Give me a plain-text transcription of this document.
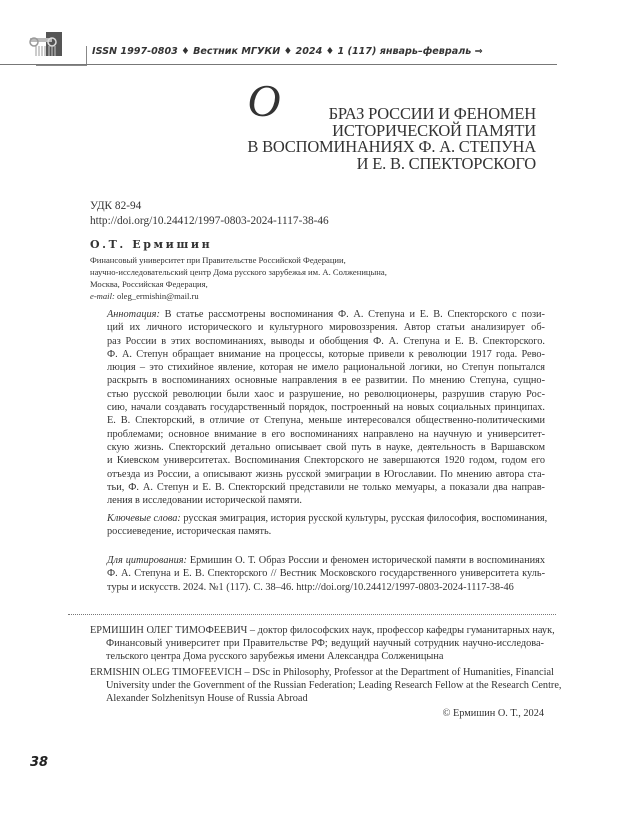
ISSN 1997-0803 ♦ Вестник МГУКИ ♦ 2024 ♦ 1 (117) январь–февраль ⇒
О	БРАЗ РОССИИ И ФЕНОМЕН
ИСТОРИЧЕСКОЙ ПАМЯТИ
В ВОСПОМИНАНИЯХ Ф. А. СТЕПУНА
И Е. В. СПЕКТОРСКОГО
УДК 82-94
http://doi.org/10.24412/1997-0803-2024-1117-38-46
О.Т. Ермишин
Финансовый университет при Правительстве Российской Федерации,
научно-исследовательский центр Дома русского зарубежья им. А. Солженицына,
Москва, Российская Федерация,
e-mail: oleg_ermishin@mail.ru
Аннотация: В статье рассмотрены воспоминания Ф. А. Степуна и Е. В. Спекторского с пози-
ций их личного исторического и культурного мировоззрения. Автор статьи анализирует об-
раз России в этих воспоминаниях, выводы и обобщения Ф. А. Степуна и Е. В. Спекторского.
Ф. А. Степун обращает внимание на процессы, которые привели к революции 1917 года. Рево-
люция – это стихийное явление, которая не имело рациональной логики, но Степун попытался
раскрыть в воспоминаниях основные направления в ее развитии. По мнению Степуна, сущно-
стью русской революции были хаос и разрушение, но революционеры, разрушив старую Рос-
сию, начали создавать государственный порядок, построенный на новых социальных принципах.
Е. В. Спекторский, в отличие от Степуна, меньше интересовался общественно-политическими
проблемами; основное внимание в его воспоминаниях направлено на научную и университет-
скую жизнь. Спекторский детально описывает свой путь в науке, деятельность в Варшавском
и Киевском университетах. Воспоминания Спекторского не завершаются 1920 годом, годом его
отъезда из России, а описывают жизнь русской эмиграции в Югославии. По мнению автора ста-
тьи, Ф. А. Степун и Е. В. Спекторский представили не только мемуары, а показали два направ-
ления в исследовании исторической памяти.
Ключевые слова: русская эмиграция, история русской культуры, русская философия, воспоминания,
россиеведение, историческая память.
Для цитирования: Ермишин О. Т. Образ России и феномен исторической памяти в воспоминаниях
Ф. А. Степуна и Е. В. Спекторского // Вестник Московского государственного университета куль-
туры и искусств. 2024. №1 (117). С. 38–46. http://doi.org/10.24412/1997-0803-2024-1117-38-46
ЕРМИШИН ОЛЕГ ТИМОФЕЕВИЧ – доктор философских наук, профессор кафедры гуманитарных наук,
Финансовый университет при Правительстве РФ; ведущий научный сотрудник научно-исследова-
тельского центра Дома русского зарубежья имени Александра Солженицына
ERMISHIN OLEG TIMOFEEVICH – DSc in Philosophy, Professor at the Department of Humanities, Financial
University under the Government of the Russian Federation; Leading Research Fellow at the Research Centre,
Alexander Solzhenitsyn House of Russia Abroad
© Ермишин О. Т., 2024
38
